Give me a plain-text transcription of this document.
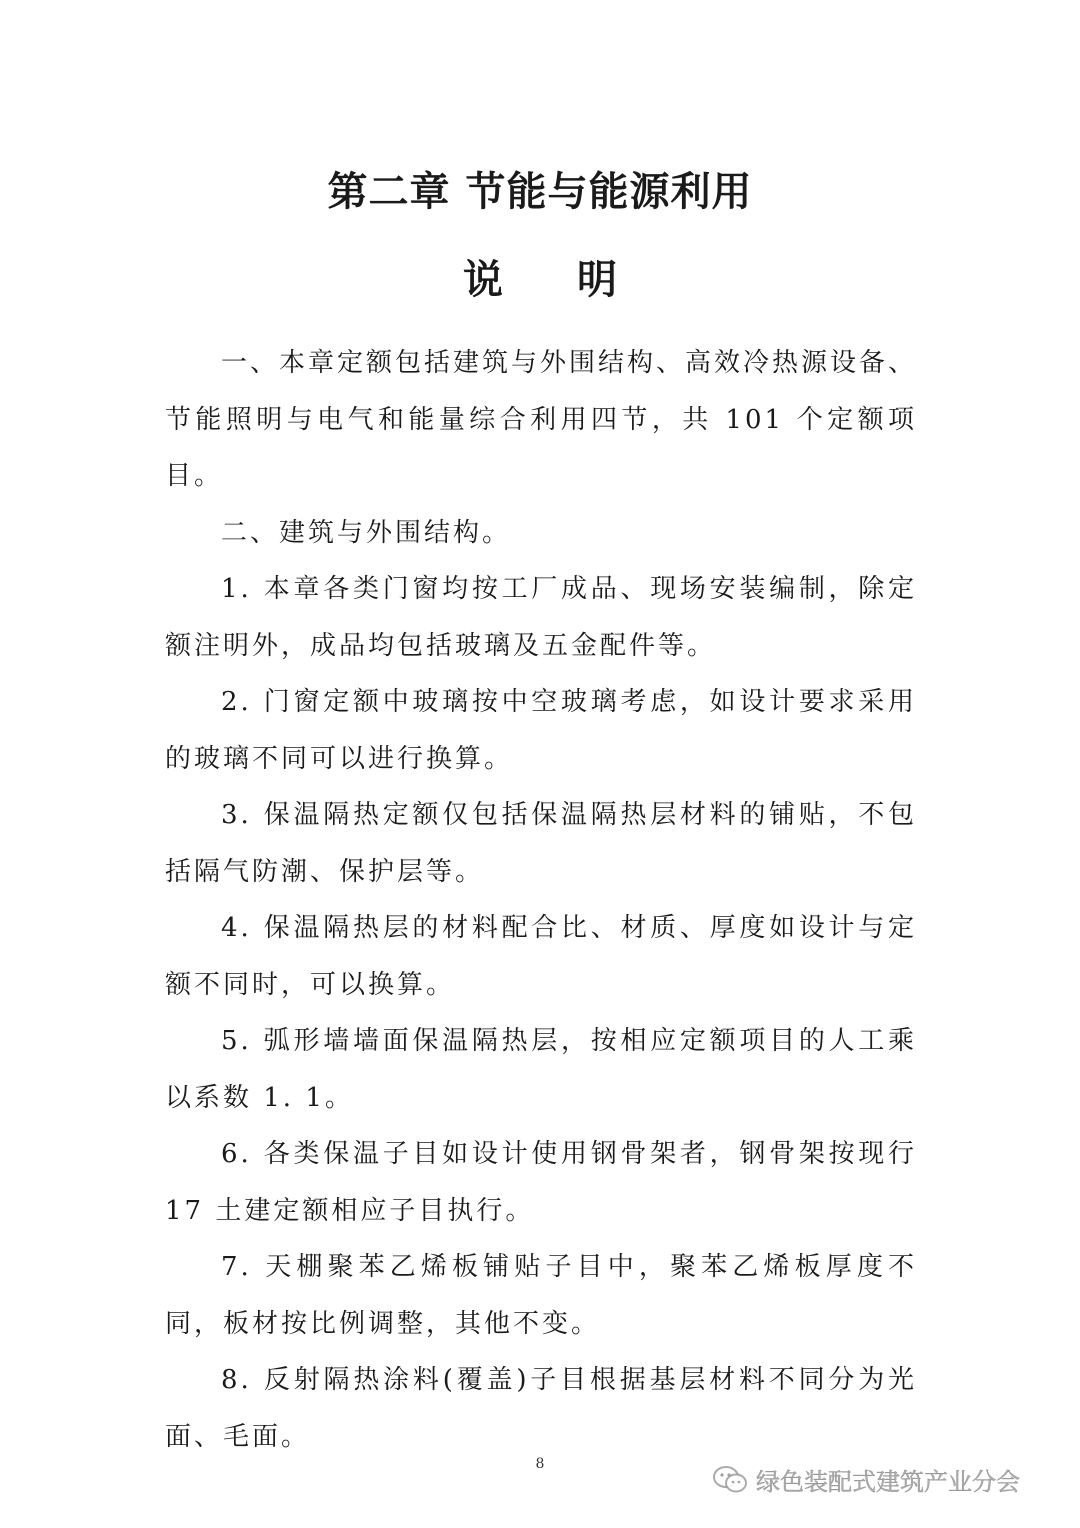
第二章 节能与能源利用
说明

一、本章定额包括建筑与外围结构、高效冷热源设备、节能照明与电气和能量综合利用四节，共 101 个定额项目。

二、建筑与外围结构。

1. 本章各类门窗均按工厂成品、现场安装编制，除定额注明外，成品均包括玻璃及五金配件等。

2. 门窗定额中玻璃按中空玻璃考虑，如设计要求采用的玻璃不同可以进行换算。

3. 保温隔热定额仅包括保温隔热层材料的铺贴，不包括隔气防潮、保护层等。

4. 保温隔热层的材料配合比、材质、厚度如设计与定额不同时，可以换算。

5. 弧形墙墙面保温隔热层，按相应定额项目的人工乘以系数 1. 1。

6. 各类保温子目如设计使用钢骨架者，钢骨架按现行 17 土建定额相应子目执行。

7. 天棚聚苯乙烯板铺贴子目中，聚苯乙烯板厚度不同，板材按比例调整，其他不变。

8. 反射隔热涂料(覆盖)子目根据基层材料不同分为光面、毛面。

8
绿色装配式建筑产业分会
